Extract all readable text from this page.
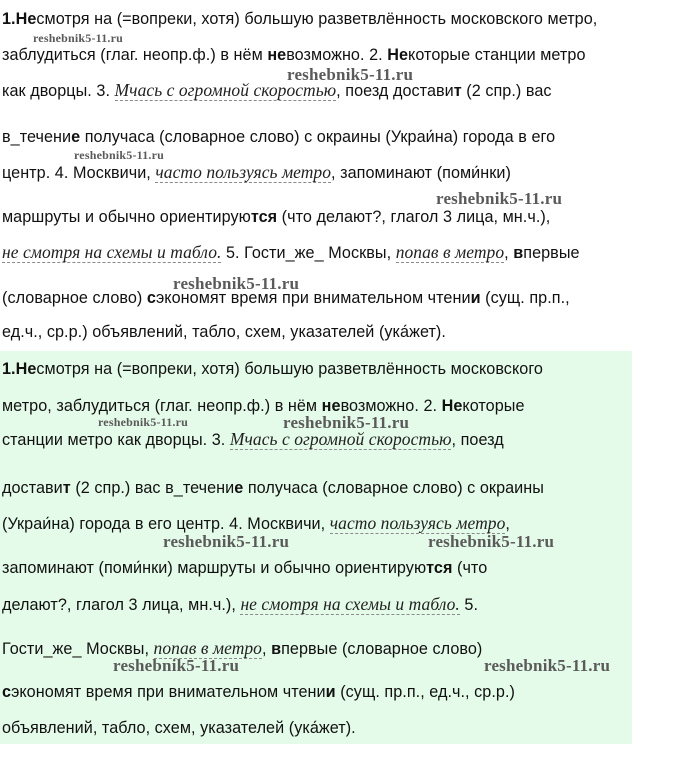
1.Несмотря на (=вопреки, хотя) большую разветвлённость московского метро,
заблудиться (глаг. неопр.ф.) в нём невозможно. 2. Некоторые станции метро
как дворцы. 3. Мчась с огромной скоростью, поезд доставит (2 спр.) вас
в_течение получаса (словарное слово) с окраины (Украи́на) города в его
центр. 4. Москвичи, часто пользуясь метро, запоминают (поми́нки)
маршруты и обычно ориентируются (что делают?, глагол 3 лица, мн.ч.),
не смотря на схемы и табло. 5. Гости_же_ Москвы, попав в метро, впервые
(словарное слово) сэкономят время при внимательном чтении (сущ. пр.п.,
ед.ч., ср.р.) объявлений, табло, схем, указателей (ука́жет).
1.Несмотря на (=вопреки, хотя) большую разветвлённость московского
метро, заблудиться (глаг. неопр.ф.) в нём невозможно. 2. Некоторые
станции метро как дворцы. 3. Мчась с огромной скоростью, поезд
доставит (2 спр.) вас в_течение получаса (словарное слово) с окраины
(Украи́на) города в его центр. 4. Москвичи, часто пользуясь метро,
запоминают (поми́нки) маршруты и обычно ориентируются (что
делают?, глагол 3 лица, мн.ч.), не смотря на схемы и табло. 5.
Гости_же_ Москвы, попав в метро, впервые (словарное слово)
сэкономят время при внимательном чтении (сущ. пр.п., ед.ч., ср.р.)
объявлений, табло, схем, указателей (ука́жет).
reshebnik5-11.ru
reshebnik5-11.ru
reshebnik5-11.ru
reshebnik5-11.ru
reshebnik5-11.ru
reshebnik5-11.ru	reshebnik5-11.ru
reshebnik5-11.ru	reshebnik5-11.ru
reshebnik5-11.ru	reshebnik5-11.ru
